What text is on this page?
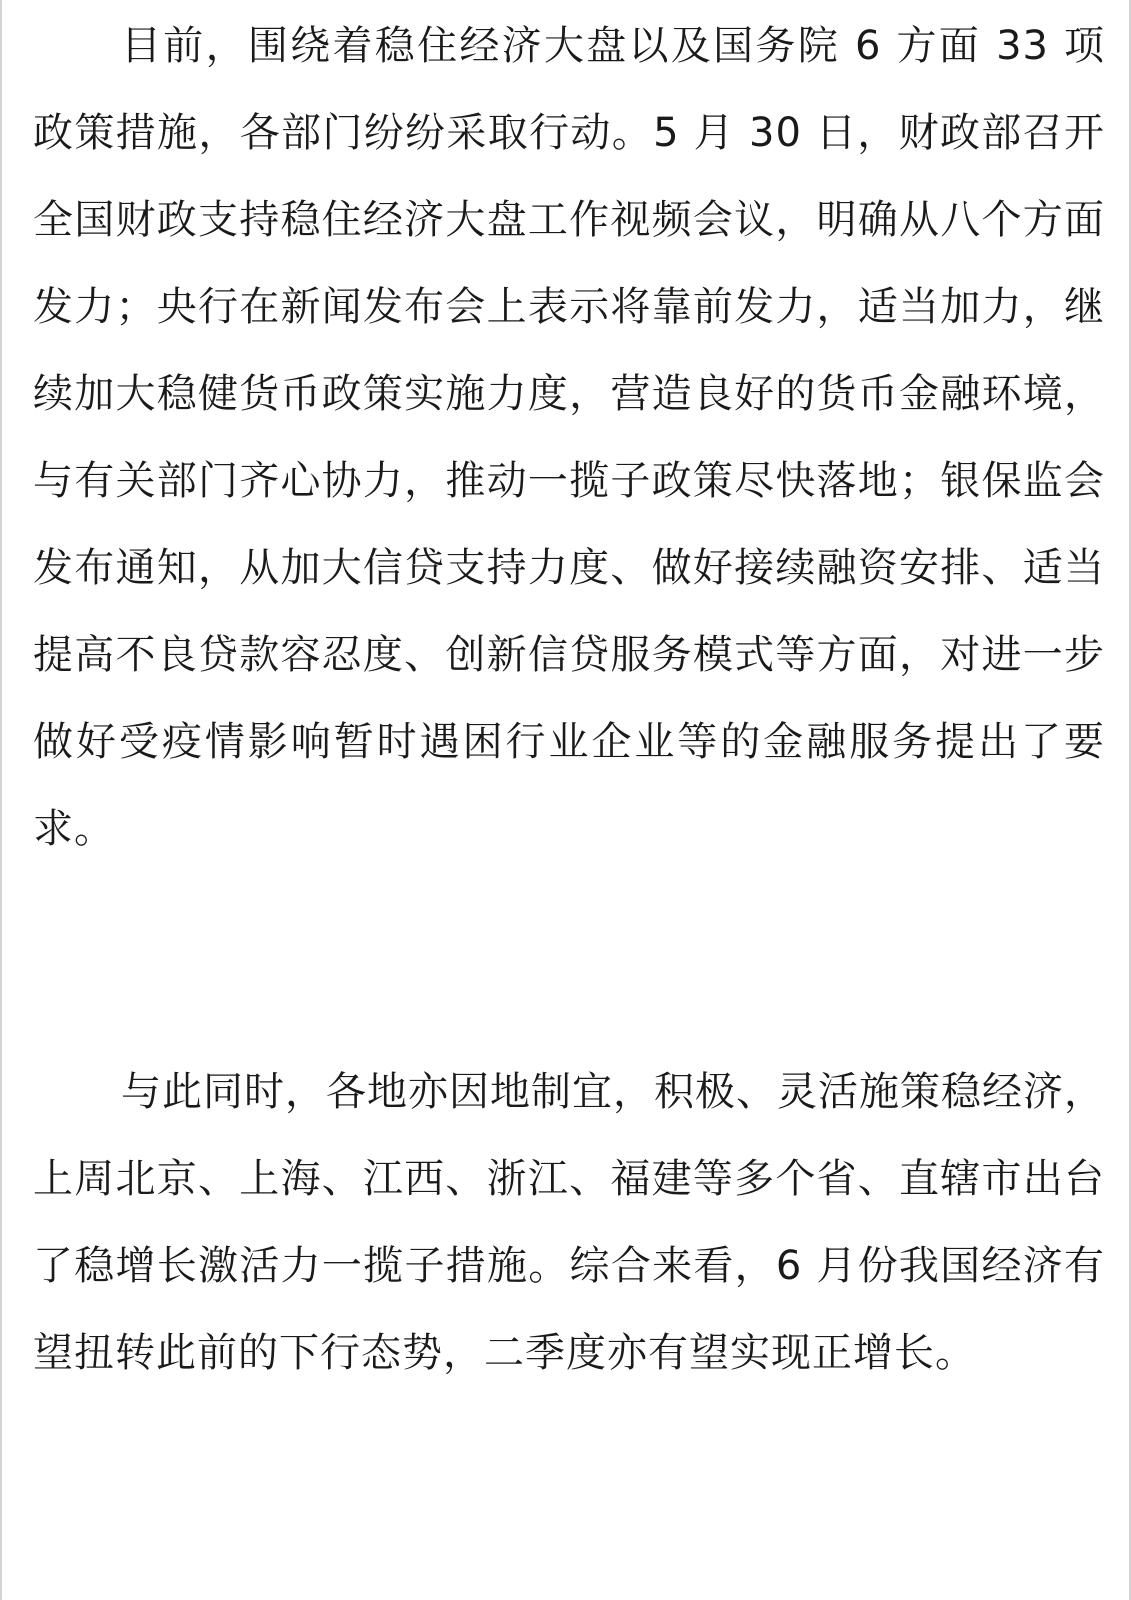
目前，围绕着稳住经济大盘以及国务院 6 方面 33 项政策措施，各部门纷纷采取行动。5 月 30 日，财政部召开全国财政支持稳住经济大盘工作视频会议，明确从八个方面发力；央行在新闻发布会上表示将靠前发力，适当加力，继续加大稳健货币政策实施力度，营造良好的货币金融环境，与有关部门齐心协力，推动一揽子政策尽快落地；银保监会发布通知，从加大信贷支持力度、做好接续融资安排、适当提高不良贷款容忍度、创新信贷服务模式等方面，对进一步做好受疫情影响暂时遇困行业企业等的金融服务提出了要求。

与此同时，各地亦因地制宜，积极、灵活施策稳经济，上周北京、上海、江西、浙江、福建等多个省、直辖市出台了稳增长激活力一揽子措施。综合来看，6 月份我国经济有望扭转此前的下行态势，二季度亦有望实现正增长。
